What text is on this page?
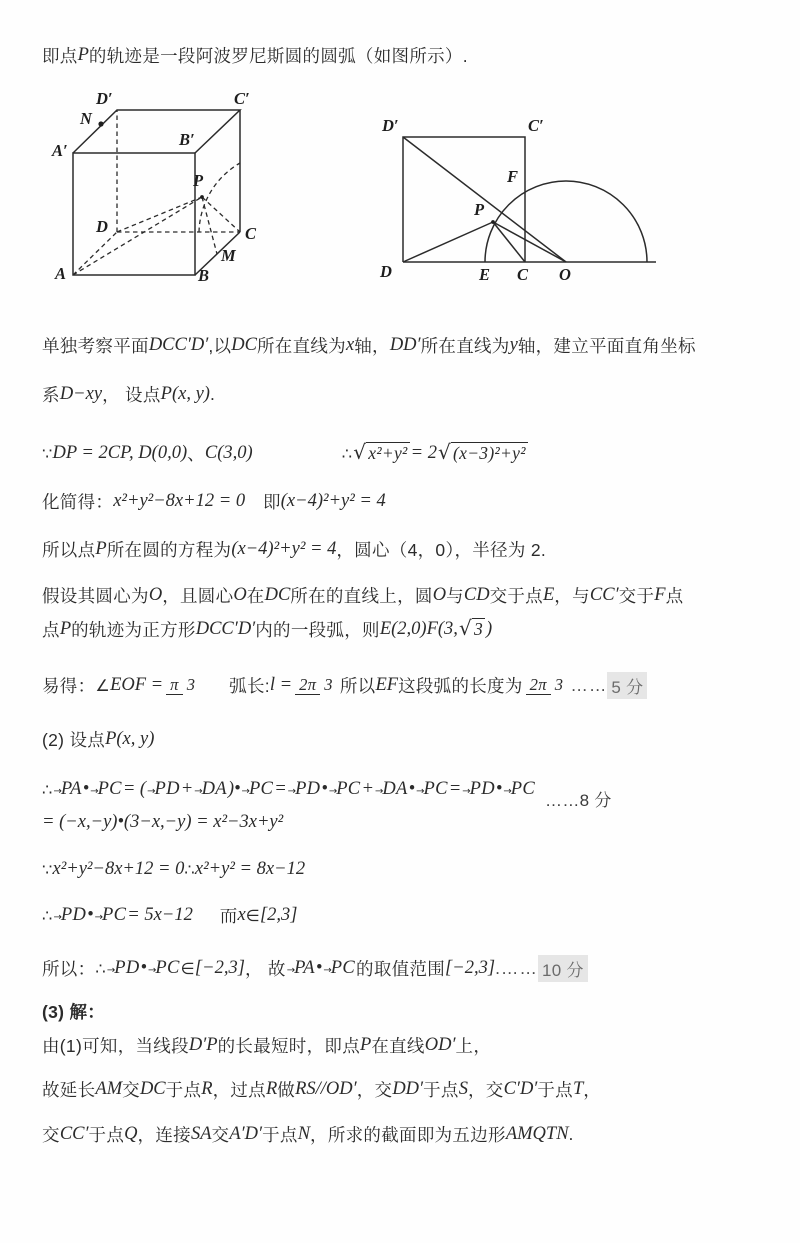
即点 P 的轨迹是一段阿波罗尼斯圆的圆弧（如图所示）.
D′	C′
N
A′
B′
P
D	C
M
A	B
D′	C′
F
P
D	E C O
单独考察平面 DCC′D′ ,以 DC 所在直线为 x 轴， DD′ 所在直线为 y 轴，建立平面直角坐标
系 D−xy ， 设点 P(x, y) .
∵ DP = 2CP, D(0,0) 、 C(3,0)
     	∴ √ x²+y² = 2 √ (x−3)²+y²
化简得： x²+y²−8x+12 = 0
  即 (x−4)²+y² = 4
所以点 P 所在圆的方程为 (x−4)²+y² = 4 ，圆心（4，0），半径为 2.
假设其圆心为 O ，且圆心 O 在 DC 所在的直线上，圆 O 与 CD 交于点 E ，与 CC′ 交于 F 点
点 P 的轨迹为正方形 DCC′D′ 内的一段弧，则 E(2,0)F(3, √ 3 )
易得： ∠ EOF = π 3
   弧长: l = 2π 3 所以 EF 这段弧的长度为 2π 3 …… 5 分
(2) 设点 P(x, y)
∴ →PA • →PC = ( →PD + →DA )• →PC = →PD • →PC + →DA • →PC = →PD • →PC

……8 分
= (−x,−y)•(3−x,−y) = x²−3x+y²
∵ x²+y²−8x+12 = 0 ∴ x²+y² = 8x−12
∴ →PD • →PC = 5x−12
   而 x ∈ [2,3]
所以： ∴ →PD • →PC ∈ [−2,3] ， 故 →PA • →PC 的取值范围 [−2,3] .…… 10 分
(3) 解：
由(1)可知，当线段 D′P 的长最短时，即点 P 在直线 OD′ 上，
故延长 AM 交 DC 于点 R ，过点 R 做 RS//OD′ ，交 DD′ 于点 S ，交 C′D′ 于点 T ，
交 CC′ 于点 Q ，连接 SA 交 A′D′ 于点 N ，所求的截面即为五边形 AMQTN .
